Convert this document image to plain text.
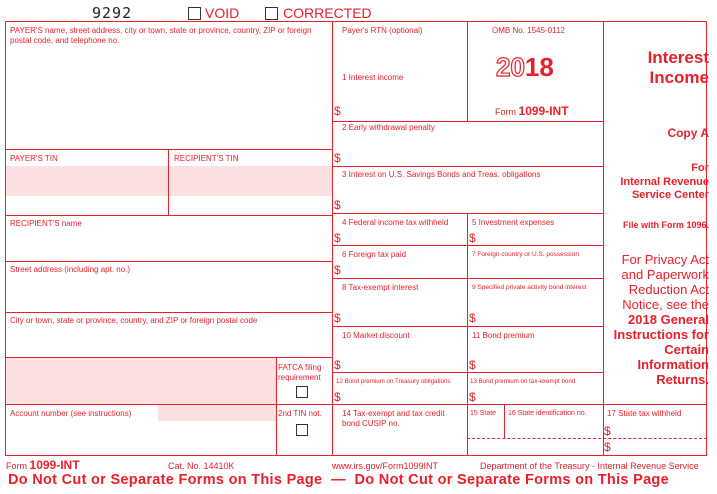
9292	VOID	CORRECTED
PAYER'S name, street address, city or town, state or province, country, ZIP or foreign postal code, and telephone no.
PAYER'S TIN	RECIPIENT'S TIN
RECIPIENT'S name
Street address (including apt. no.)
City or town, state or province, country, and ZIP or foreign postal code
FATCA filing
requirement
Account number (see instructions)	2nd TIN not.
Payer's RTN (optional)
1 Interest income
$
OMB No. 1545-0112
2018
Form 1099-INT
2 Early withdrawal penalty
$
3 Interest on U.S. Savings Bonds and Treas. obligations
$
4 Federal income tax withheld
$
5 Investment expenses
$
6 Foreign tax paid
$
7 Foreign country or U.S. possession
8 Tax-exempt interest
$
9 Specified private activity bond interest
$
10 Market discount
$
11 Bond premium
$
12 Bond premium on Treasury obligations
$
13 Bond premium on tax-exempt bond
$
14 Tax-exempt and tax credit bond CUSIP no.
15 State 16 State identification no.	17 State tax withheld
$
$
Interest
Income
Copy A
For
Internal Revenue
Service Center
File with Form 1096.
For Privacy Act
and Paperwork
Reduction Act
Notice, see the
2018 General
Instructions for
Certain
Information
Returns.
Form 1099-INT	Cat. No. 14410K	www.irs.gov/Form1099INT	Department of the Treasury - Internal Revenue Service
Do Not Cut or Separate Forms on This Page  —  Do Not Cut or Separate Forms on This Page
